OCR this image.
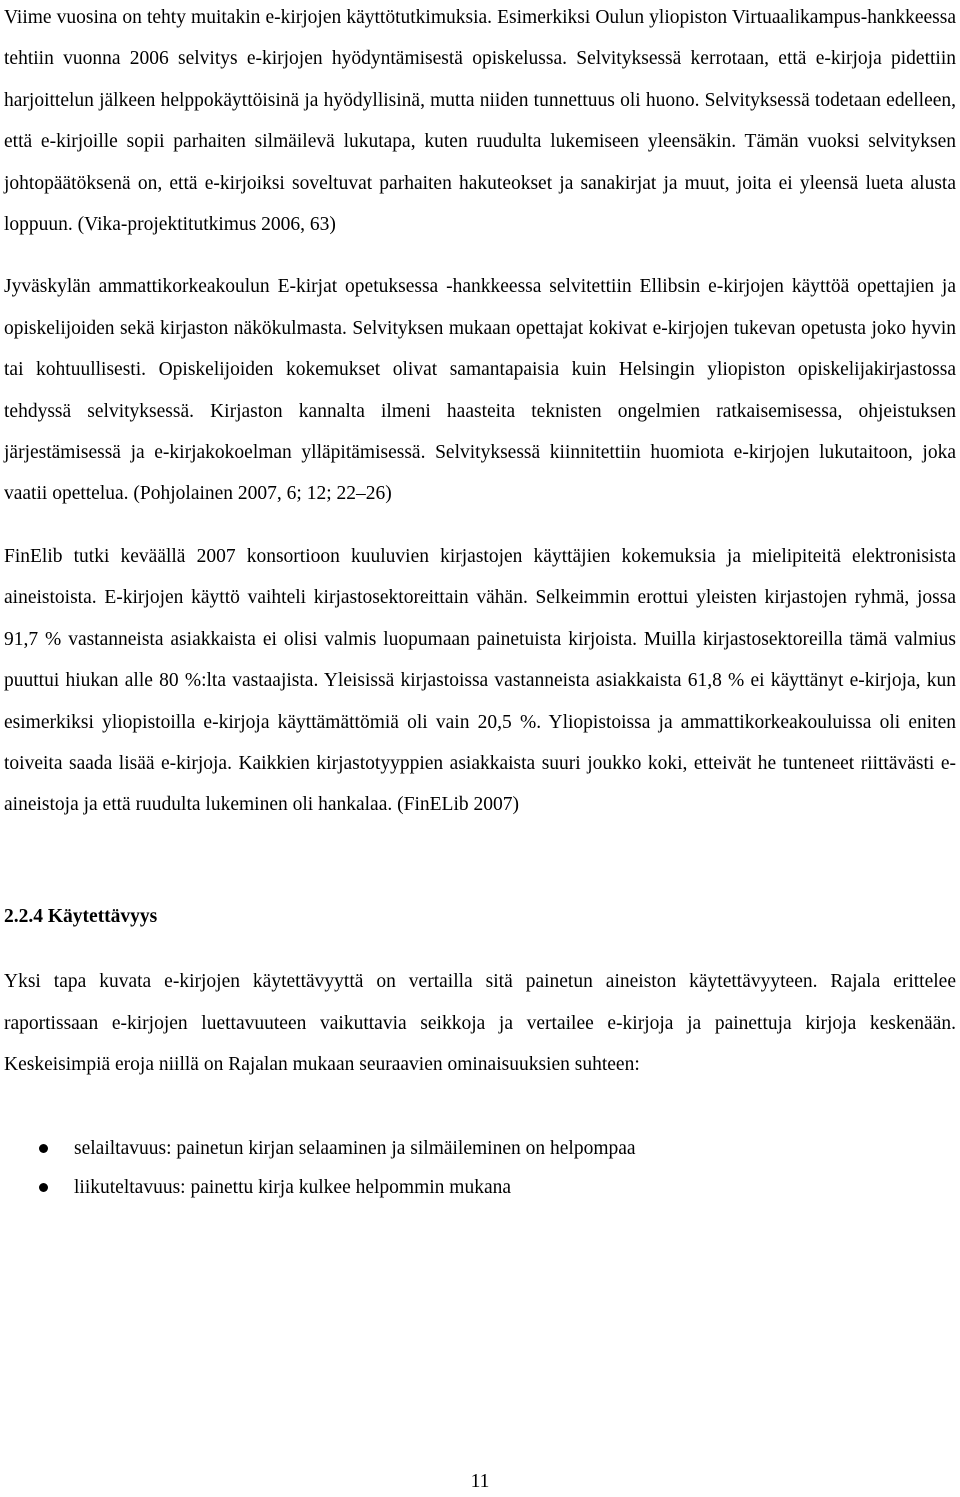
Viime vuosina on tehty muitakin e-kirjojen käyttötutkimuksia. Esimerkiksi Oulun yliopiston Virtuaalikampus-hankkeessa tehtiin vuonna 2006 selvitys e-kirjojen hyödyntämisestä opiskelussa. Selvityksessä kerrotaan, että e-kirjoja pidettiin harjoittelun jälkeen helppokäyttöisinä ja hyödyllisinä, mutta niiden tunnettuus oli huono. Selvityksessä todetaan edelleen, että e-kirjoille sopii parhaiten silmäilevä lukutapa, kuten ruudulta lukemiseen yleensäkin. Tämän vuoksi selvityksen johtopäätöksenä on, että e-kirjoiksi soveltuvat parhaiten hakuteokset ja sanakirjat ja muut, joita ei yleensä lueta alusta loppuun. (Vika-projektitutkimus 2006, 63)

Jyväskylän ammattikorkeakoulun E-kirjat opetuksessa -hankkeessa selvitettiin Ellibsin e-kirjojen käyttöä opettajien ja opiskelijoiden sekä kirjaston näkökulmasta. Selvityksen mukaan opettajat kokivat e-kirjojen tukevan opetusta joko hyvin tai kohtuullisesti. Opiskelijoiden kokemukset olivat samantapaisia kuin Helsingin yliopiston opiskelijakirjastossa tehdyssä selvityksessä. Kirjaston kannalta ilmeni haasteita teknisten ongelmien ratkaisemisessa, ohjeistuksen järjestämisessä ja e-kirjakokoelman ylläpitämisessä. Selvityksessä kiinnitettiin huomiota e-kirjojen lukutaitoon, joka vaatii opettelua. (Pohjolainen 2007, 6; 12; 22–26)

FinElib tutki keväällä 2007 konsortioon kuuluvien kirjastojen käyttäjien kokemuksia ja mielipiteitä elektronisista aineistoista. E-kirjojen käyttö vaihteli kirjastosektoreittain vähän. Selkeimmin erottui yleisten kirjastojen ryhmä, jossa 91,7 % vastanneista asiakkaista ei olisi valmis luopumaan painetuista kirjoista. Muilla kirjastosektoreilla tämä valmius puuttui hiukan alle 80 %:lta vastaajista. Yleisissä kirjastoissa vastanneista asiakkaista 61,8 % ei käyttänyt e-kirjoja, kun esimerkiksi yliopistoilla e-kirjoja käyttämättömiä oli vain 20,5 %. Yliopistoissa ja ammattikorkeakouluissa oli eniten toiveita saada lisää e-kirjoja. Kaikkien kirjastotyyppien asiakkaista suuri joukko koki, etteivät he tunteneet riittävästi e-aineistoja ja että ruudulta lukeminen oli hankalaa. (FinELib 2007)

2.2.4 Käytettävyys

Yksi tapa kuvata e-kirjojen käytettävyyttä on vertailla sitä painetun aineiston käytettävyyteen. Rajala erittelee raportissaan e-kirjojen luettavuuteen vaikuttavia seikkoja ja vertailee e-kirjoja ja painettuja kirjoja keskenään. Keskeisimpiä eroja niillä on Rajalan mukaan seuraavien ominaisuuksien suhteen:

selailtavuus: painetun kirjan selaaminen ja silmäileminen on helpompaa
liikuteltavuus: painettu kirja kulkee helpommin mukana
11
